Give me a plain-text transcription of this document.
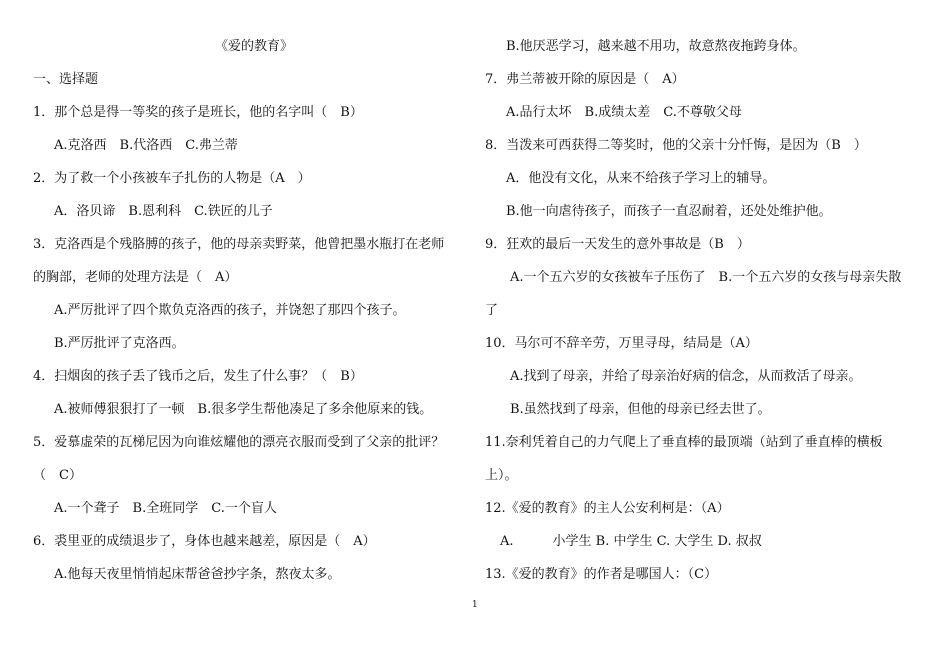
《爱的教育》
一、选择题
1．那个总是得一等奖的孩子是班长，他的名字叫（　B）
A.克洛西　B.代洛西　C.弗兰蒂
2．为了救一个小孩被车子扎伤的人物是（A　）
A．洛贝谛　B.恩利科　C.铁匠的儿子
3．克洛西是个残胳膊的孩子，他的母亲卖野菜，他曾把墨水瓶打在老师
的胸部，老师的处理方法是（　A）
A.严厉批评了四个欺负克洛西的孩子，并饶恕了那四个孩子。
B.严厉批评了克洛西。
4．扫烟囱的孩子丢了钱币之后，发生了什么事？（　B）
A.被师傅狠狠打了一顿　B.很多学生帮他凑足了多余他原来的钱。
5．爱慕虚荣的瓦梯尼因为向谁炫耀他的漂亮衣服而受到了父亲的批评？
（　C）
A.一个聋子　B.全班同学　C.一个盲人
6．裘里亚的成绩退步了，身体也越来越差，原因是（　A）
A.他每天夜里悄悄起床帮爸爸抄字条，熬夜太多。
B.他厌恶学习，越来越不用功，故意熬夜拖跨身体。
7．弗兰蒂被开除的原因是（　A）
A.品行太坏　B.成绩太差　C.不尊敬父母
8．当泼来可西获得二等奖时，他的父亲十分忏悔，是因为（B　）
A．他没有文化，从来不给孩子学习上的辅导。
B.他一向虐待孩子，而孩子一直忍耐着，还处处维护他。
9．狂欢的最后一天发生的意外事故是（B　）
A.一个五六岁的女孩被车子压伤了　B.一个五六岁的女孩与母亲失散
了
10．马尔可不辞辛劳，万里寻母，结局是（A）
A.找到了母亲，并给了母亲治好病的信念，从而救活了母亲。
B.虽然找到了母亲，但他的母亲已经去世了。
11.奈利凭着自己的力气爬上了垂直棒的最顶端（站到了垂直棒的横板
上）。
12.《爱的教育》的主人公安利柯是：（A）
A.　　　小学生 B. 中学生 C. 大学生 D. 叔叔
13.《爱的教育》的作者是哪国人：（C）
1
